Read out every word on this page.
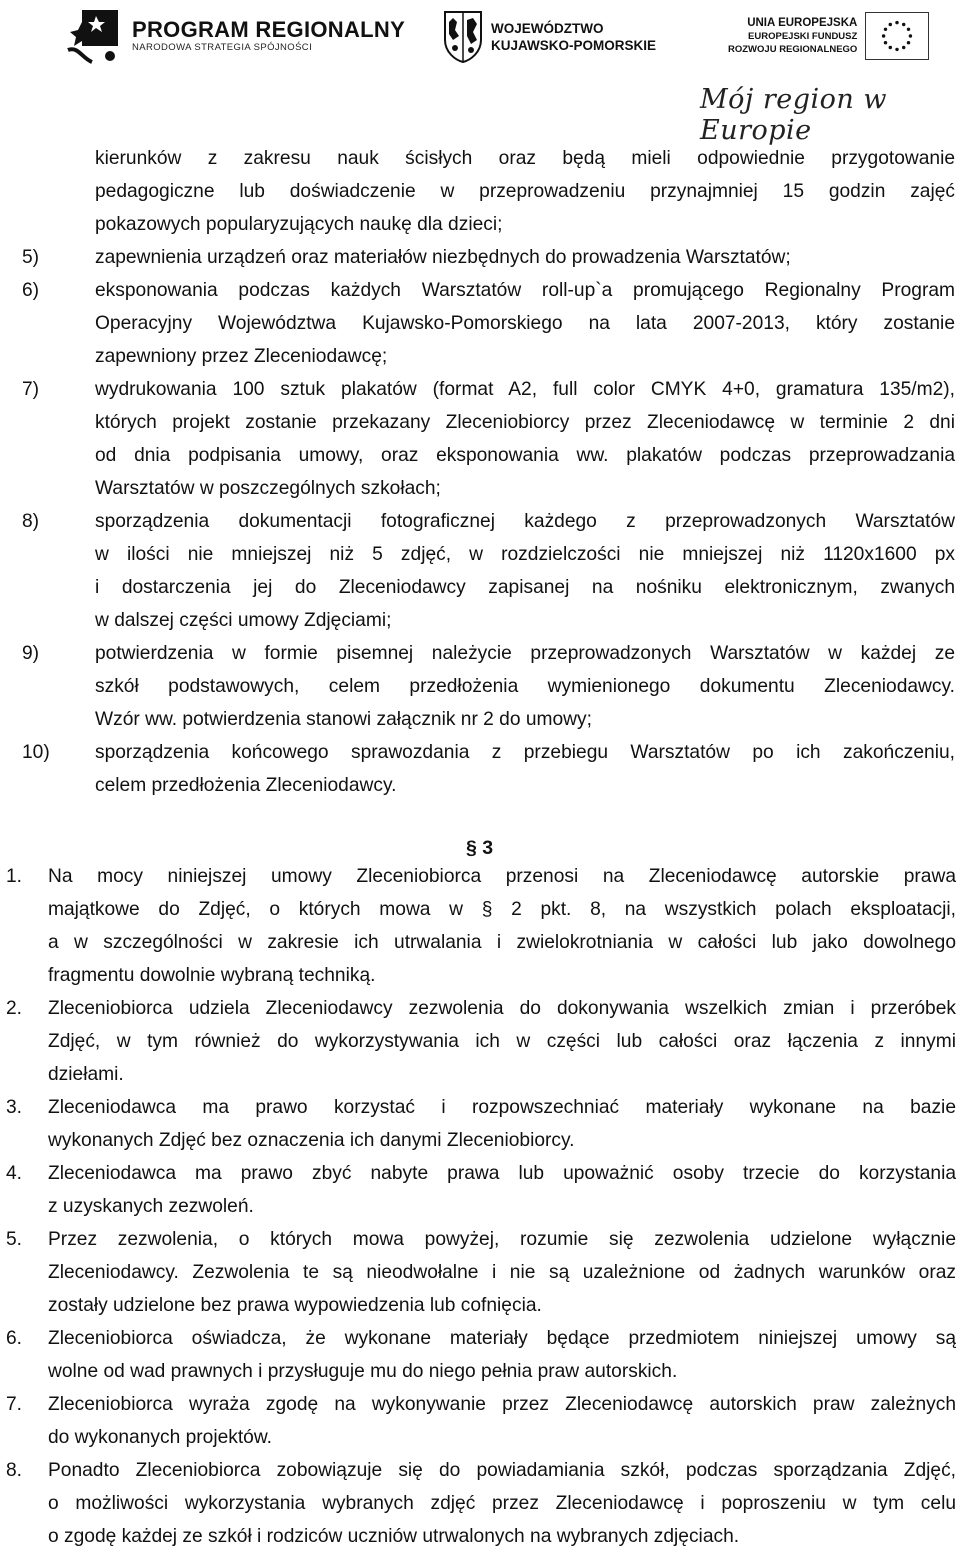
PROGRAM REGIONALNY
NARODOWA STRATEGIA SPÓJNOŚCI
WOJEWÓDZTWO
KUJAWSKO-POMORSKIE
UNIA EUROPEJSKA
EUROPEJSKI FUNDUSZ
ROZWOJU REGIONALNEGO
Mój region w Europie
kierunków z zakresu nauk ścisłych oraz będą mieli odpowiednie przygotowanie
pedagogiczne lub doświadczenie w przeprowadzeniu przynajmniej 15 godzin zajęć
pokazowych popularyzujących naukę dla dzieci;
5)	zapewnienia urządzeń oraz materiałów niezbędnych do prowadzenia Warsztatów;
6)	eksponowania podczas każdych Warsztatów roll-up`a promującego Regionalny Program
Operacyjny Województwa Kujawsko-Pomorskiego na lata 2007-2013, który zostanie
zapewniony przez Zleceniodawcę;
7)	wydrukowania 100 sztuk plakatów (format A2, full color CMYK 4+0, gramatura 135/m2),
których projekt zostanie przekazany Zleceniobiorcy przez Zleceniodawcę w terminie 2 dni
od dnia podpisania umowy, oraz eksponowania ww. plakatów podczas przeprowadzania
Warsztatów w poszczególnych szkołach;
8)	sporządzenia dokumentacji fotograficznej każdego z przeprowadzonych Warsztatów
w ilości nie mniejszej niż 5 zdjęć, w rozdzielczości nie mniejszej niż 1120x1600 px
i dostarczenia jej do Zleceniodawcy zapisanej na nośniku elektronicznym, zwanych
w dalszej części umowy Zdjęciami;
9)	potwierdzenia w formie pisemnej należycie przeprowadzonych Warsztatów w każdej ze
szkół podstawowych, celem przedłożenia wymienionego dokumentu Zleceniodawcy.
Wzór ww. potwierdzenia stanowi załącznik nr 2 do umowy;
10) sporządzenia końcowego sprawozdania z przebiegu Warsztatów po ich zakończeniu,
celem przedłożenia Zleceniodawcy.
§ 3
1. Na mocy niniejszej umowy Zleceniobiorca przenosi na Zleceniodawcę autorskie prawa
majątkowe do Zdjęć, o których mowa w § 2 pkt. 8, na wszystkich polach eksploatacji,
a w szczególności w zakresie ich utrwalania i zwielokrotniania w całości lub jako dowolnego
fragmentu dowolnie wybraną techniką.
2. Zleceniobiorca udziela Zleceniodawcy zezwolenia do dokonywania wszelkich zmian i przeróbek
Zdjęć, w tym również do wykorzystywania ich w części lub całości oraz łączenia z innymi
dziełami.
3. Zleceniodawca ma prawo korzystać i rozpowszechniać materiały wykonane na bazie
wykonanych Zdjęć bez oznaczenia ich danymi Zleceniobiorcy.
4. Zleceniodawca ma prawo zbyć nabyte prawa lub upoważnić osoby trzecie do korzystania
z uzyskanych zezwoleń.
5. Przez zezwolenia, o których mowa powyżej, rozumie się zezwolenia udzielone wyłącznie
Zleceniodawcy. Zezwolenia te są nieodwołalne i nie są uzależnione od żadnych warunków oraz
zostały udzielone bez prawa wypowiedzenia lub cofnięcia.
6. Zleceniobiorca oświadcza, że wykonane materiały będące przedmiotem niniejszej umowy są
wolne od wad prawnych i przysługuje mu do niego pełnia praw autorskich.
7. Zleceniobiorca wyraża zgodę na wykonywanie przez Zleceniodawcę autorskich praw zależnych
do wykonanych projektów.
8. Ponadto Zleceniobiorca zobowiązuje się do powiadamiania szkół, podczas sporządzania Zdjęć,
o możliwości wykorzystania wybranych zdjęć przez Zleceniodawcę i poproszeniu w tym celu
o zgodę każdej ze szkół i rodziców uczniów utrwalonych na wybranych zdjęciach.
